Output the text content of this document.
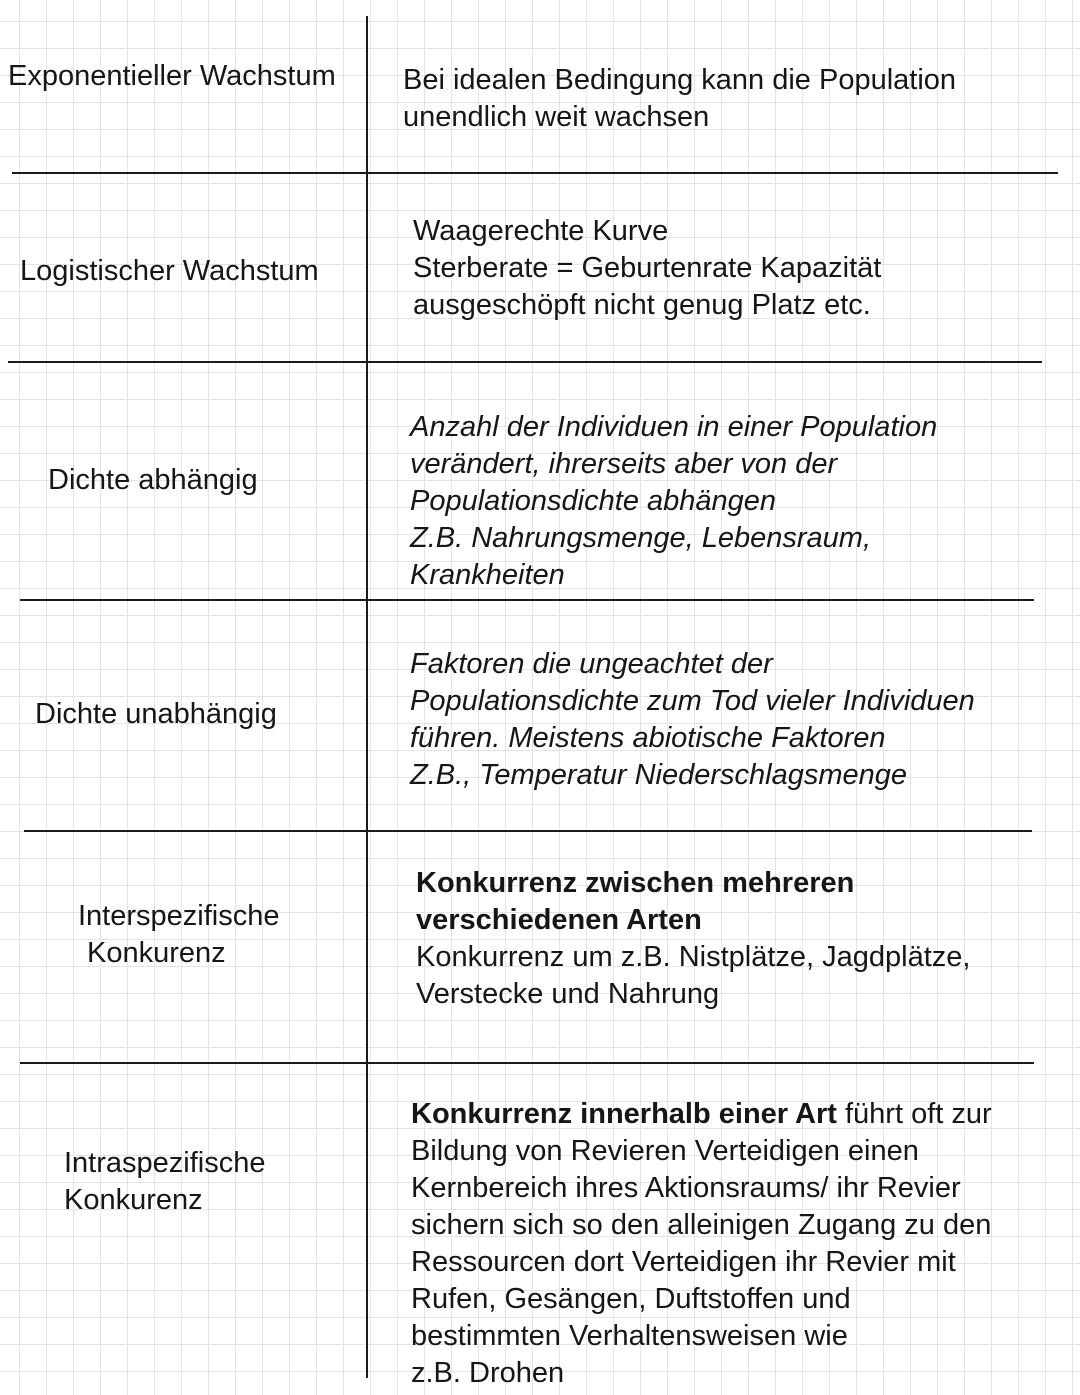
Exponentieller Wachstum Bei idealen Bedingung kann die Population
unendlich weit wachsen
Logistischer Wachstum
Waagerechte Kurve
Sterberate = Geburtenrate Kapazität
ausgeschöpft nicht genug Platz etc.
Dichte abhängig
Anzahl der Individuen in einer Population
verändert, ihrerseits aber von der
Populationsdichte abhängen
Z.B. Nahrungsmenge, Lebensraum,
Krankheiten
Dichte unabhängig
Faktoren die ungeachtet der
Populationsdichte zum Tod vieler Individuen
führen. Meistens abiotische Faktoren
Z.B., Temperatur Niederschlagsmenge
Interspezifische
Konkurenz
Konkurrenz zwischen mehreren
verschiedenen Arten
Konkurrenz um z.B. Nistplätze, Jagdplätze,
Verstecke und Nahrung
Intraspezifische
Konkurenz
Konkurrenz innerhalb einer Art führt oft zur
Bildung von Revieren Verteidigen einen
Kernbereich ihres Aktionsraums/ ihr Revier
sichern sich so den alleinigen Zugang zu den
Ressourcen dort Verteidigen ihr Revier mit
Rufen, Gesängen, Duftstoffen und
bestimmten Verhaltensweisen wie
z.B. Drohen
